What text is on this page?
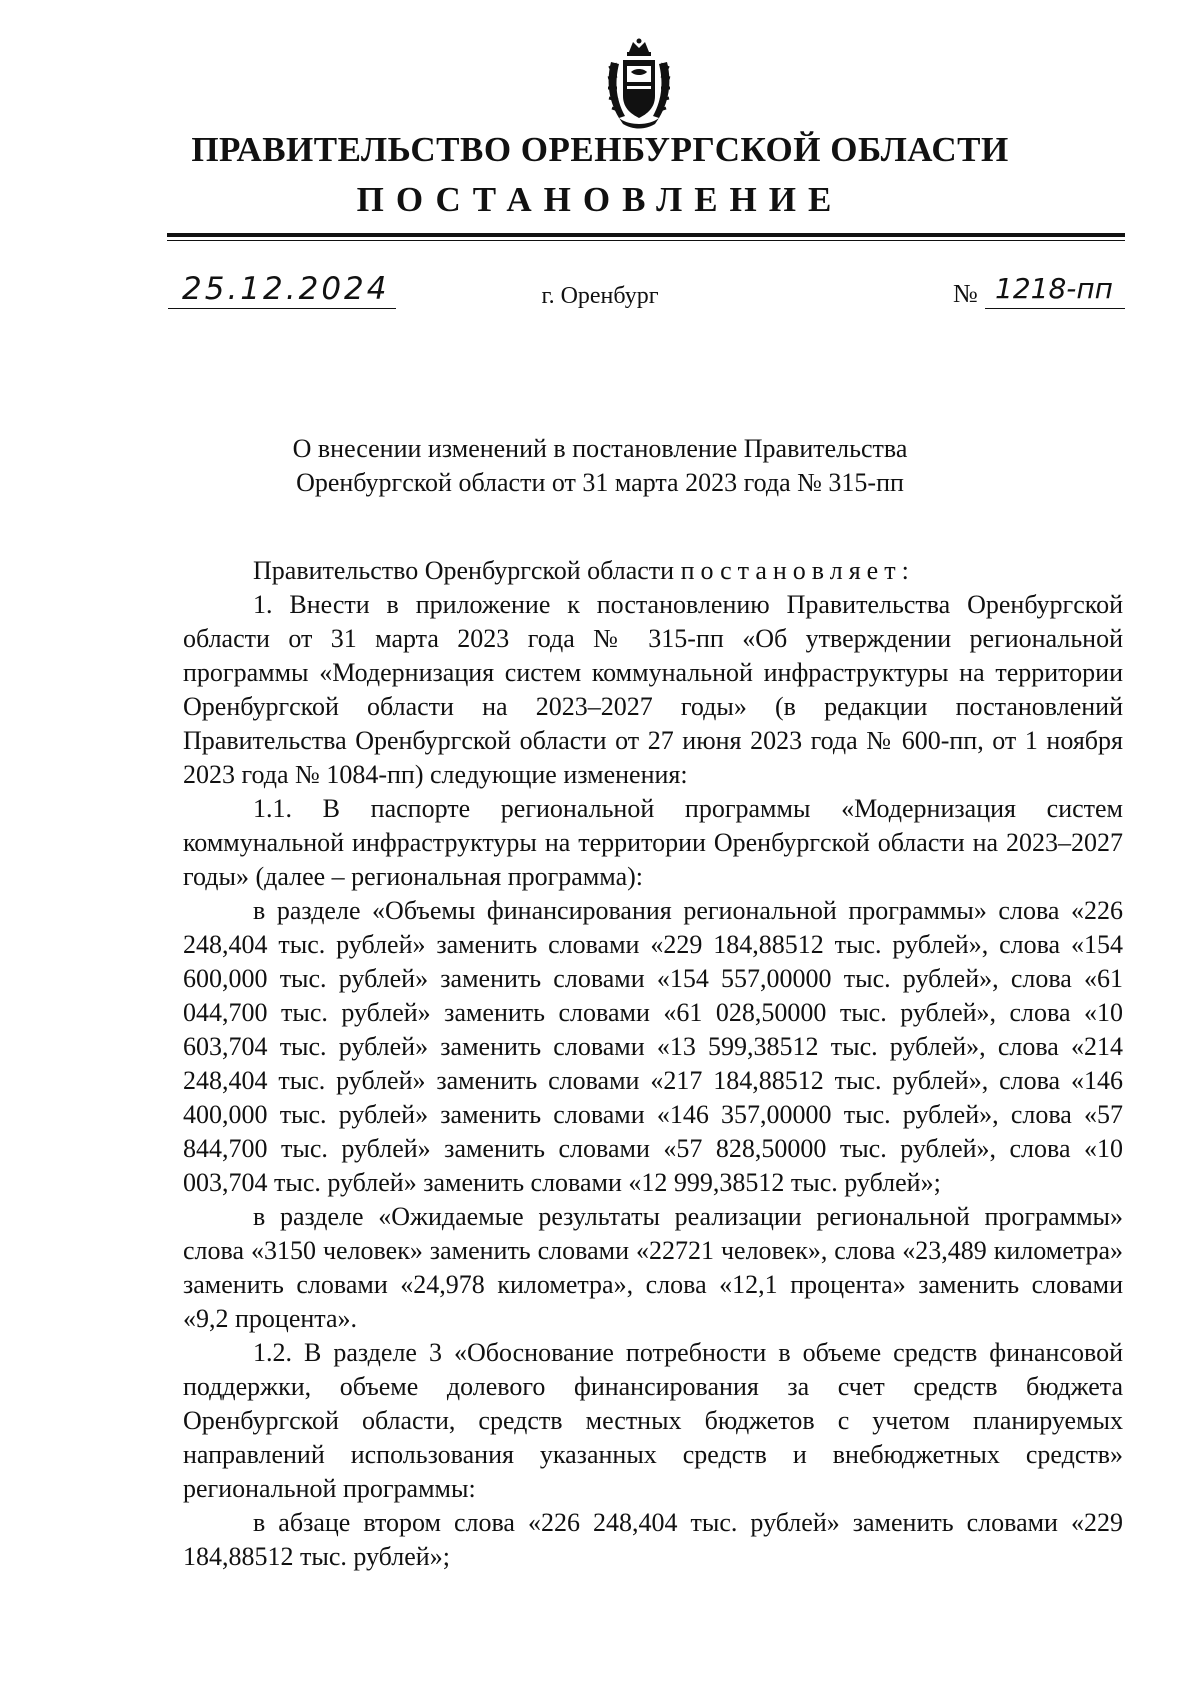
ПРАВИТЕЛЬСТВО ОРЕНБУРГСКОЙ ОБЛАСТИ
ПОСТАНОВЛЕНИЕ
25.12.2024	г. Оренбург	№ 1218-пп
О внесении изменений в постановление Правительства
Оренбургской области от 31 марта 2023 года № 315-пп

Правительство Оренбургской области постановляет:

1. Внести в приложение к постановлению Правительства Оренбургской области от 31 марта 2023 года № 315-пп «Об утверждении региональной программы «Модернизация систем коммунальной инфраструктуры на территории Оренбургской области на 2023–2027 годы» (в редакции постановлений Правительства Оренбургской области от 27 июня 2023 года № 600-пп, от 1 ноября 2023 года № 1084-пп) следующие изменения:

1.1. В паспорте региональной программы «Модернизация систем коммунальной инфраструктуры на территории Оренбургской области на 2023–2027 годы» (далее – региональная программа):

в разделе «Объемы финансирования региональной программы» слова «226 248,404 тыс. рублей» заменить словами «229 184,88512 тыс. рублей», слова «154 600,000 тыс. рублей» заменить словами «154 557,00000 тыс. рублей», слова «61 044,700 тыс. рублей» заменить словами «61 028,50000 тыс. рублей», слова «10 603,704 тыс. рублей» заменить словами «13 599,38512 тыс. рублей», слова «214 248,404 тыс. рублей» заменить словами «217 184,88512 тыс. рублей», слова «146 400,000 тыс. рублей» заменить словами «146 357,00000 тыс. рублей», слова «57 844,700 тыс. рублей» заменить словами «57 828,50000 тыс. рублей», слова «10 003,704 тыс. рублей» заменить словами «12 999,38512 тыс. рублей»;

в разделе «Ожидаемые результаты реализации региональной программы» слова «3150 человек» заменить словами «22721 человек», слова «23,489 километра» заменить словами «24,978 километра», слова «12,1 процента» заменить словами «9,2 процента».

1.2. В разделе 3 «Обоснование потребности в объеме средств финансовой поддержки, объеме долевого финансирования за счет средств бюджета Оренбургской области, средств местных бюджетов с учетом планируемых направлений использования указанных средств и внебюджетных средств» региональной программы:

в абзаце втором слова «226 248,404 тыс. рублей» заменить словами «229 184,88512 тыс. рублей»;
